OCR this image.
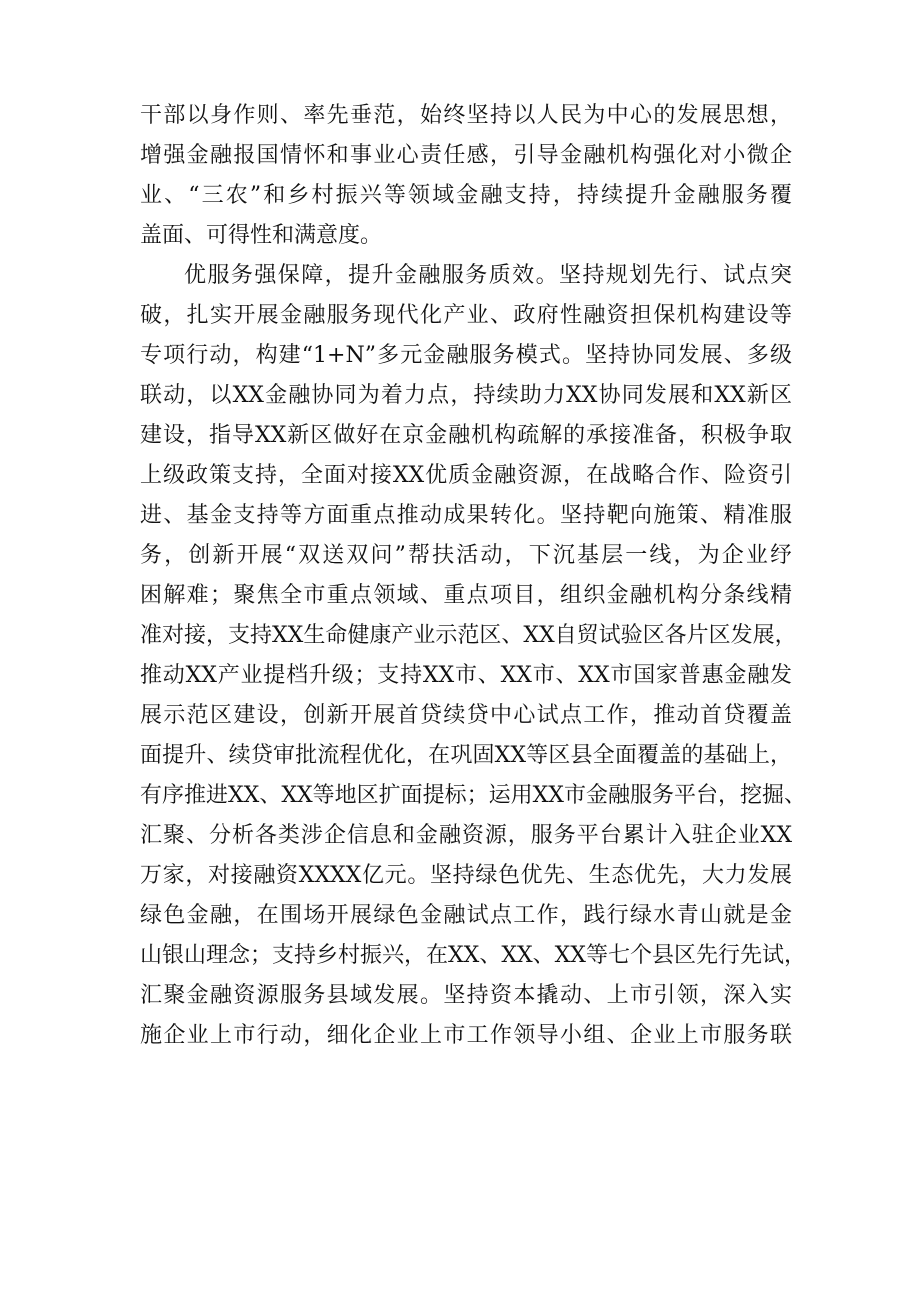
干部以身作则、率先垂范，始终坚持以人民为中心的发展思想，
增强金融报国情怀和事业心责任感，引导金融机构强化对小微企
业、“三农”和乡村振兴等领域金融支持，持续提升金融服务覆
盖面、可得性和满意度。
优服务强保障，提升金融服务质效。坚持规划先行、试点突
破，扎实开展金融服务现代化产业、政府性融资担保机构建设等
专项行动，构建“1+N”多元金融服务模式。坚持协同发展、多级
联动，以XX金融协同为着力点，持续助力XX协同发展和XX新区
建设，指导XX新区做好在京金融机构疏解的承接准备，积极争取
上级政策支持，全面对接XX优质金融资源，在战略合作、险资引
进、基金支持等方面重点推动成果转化。坚持靶向施策、精准服
务，创新开展“双送双问”帮扶活动，下沉基层一线，为企业纾
困解难；聚焦全市重点领域、重点项目，组织金融机构分条线精
准对接，支持XX生命健康产业示范区、XX自贸试验区各片区发展，
推动XX产业提档升级；支持XX市、XX市、XX市国家普惠金融发
展示范区建设，创新开展首贷续贷中心试点工作，推动首贷覆盖
面提升、续贷审批流程优化，在巩固XX等区县全面覆盖的基础上，
有序推进XX、XX等地区扩面提标；运用XX市金融服务平台，挖掘、
汇聚、分析各类涉企信息和金融资源，服务平台累计入驻企业XX
万家，对接融资XXXX亿元。坚持绿色优先、生态优先，大力发展
绿色金融，在围场开展绿色金融试点工作，践行绿水青山就是金
山银山理念；支持乡村振兴，在XX、XX、XX等七个县区先行先试，
汇聚金融资源服务县域发展。坚持资本撬动、上市引领，深入实
施企业上市行动，细化企业上市工作领导小组、企业上市服务联
